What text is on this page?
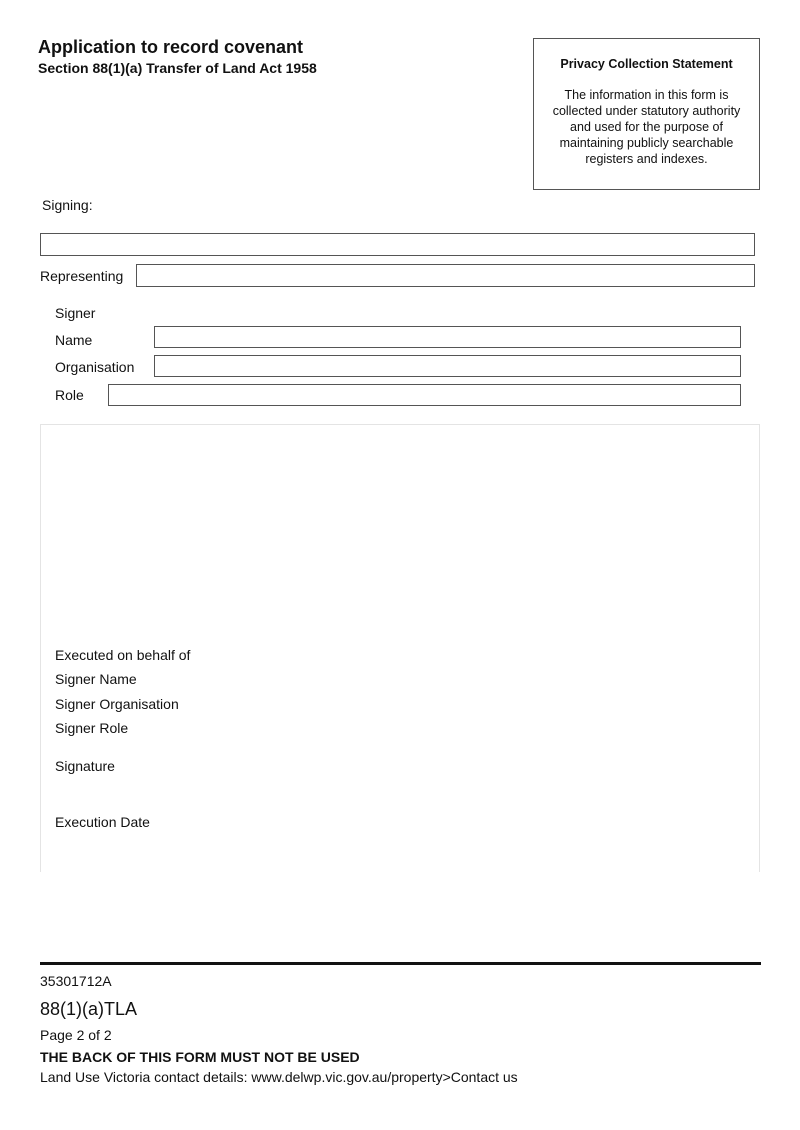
Application to record covenant
Section 88(1)(a) Transfer of Land Act 1958	Privacy Collection Statement
The information in this form is collected under statutory authority and used for the purpose of maintaining publicly searchable registers and indexes.
Signing:
Representing
Signer
Name
Organisation
Role
Executed on behalf of
Signer Name
Signer Organisation
Signer Role
Signature
Execution Date
35301712A
88(1)(a)TLA
Page 2 of 2
THE BACK OF THIS FORM MUST NOT BE USED
Land Use Victoria contact details: www.delwp.vic.gov.au/property>Contact us
